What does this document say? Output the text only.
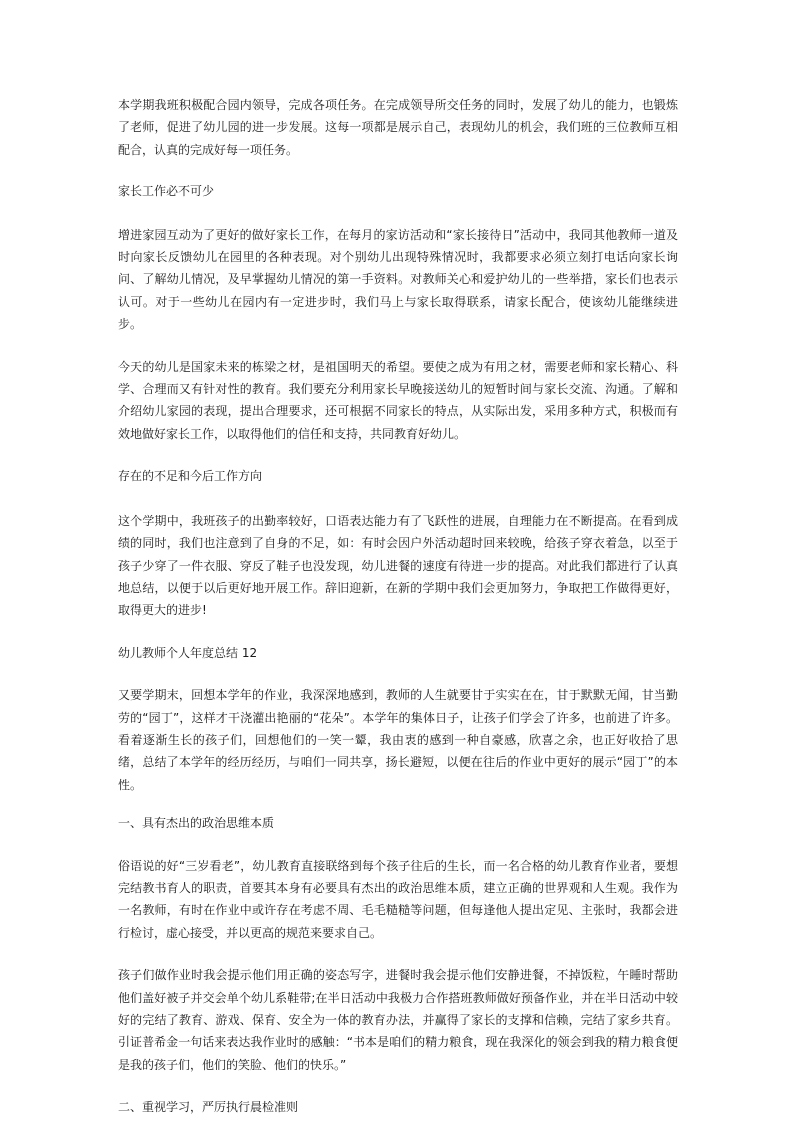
本学期我班积极配合园内领导，完成各项任务。在完成领导所交任务的同时，发展了幼儿的能力，也锻炼了老师，促进了幼儿园的进一步发展。这每一项都是展示自己，表现幼儿的机会，我们班的三位教师互相配合，认真的完成好每一项任务。

家长工作必不可少

增进家园互动为了更好的做好家长工作，在每月的家访活动和“家长接待日”活动中，我同其他教师一道及时向家长反馈幼儿在园里的各种表现。对个别幼儿出现特殊情况时，我都要求必须立刻打电话向家长询问、了解幼儿情况，及早掌握幼儿情况的第一手资料。对教师关心和爱护幼儿的一些举措，家长们也表示认可。对于一些幼儿在园内有一定进步时，我们马上与家长取得联系，请家长配合，使该幼儿能继续进步。

今天的幼儿是国家未来的栋梁之材，是祖国明天的希望。要使之成为有用之材，需要老师和家长精心、科学、合理而又有针对性的教育。我们要充分利用家长早晚接送幼儿的短暂时间与家长交流、沟通。了解和介绍幼儿家园的表现，提出合理要求，还可根据不同家长的特点，从实际出发，采用多种方式，积极而有效地做好家长工作，以取得他们的信任和支持，共同教育好幼儿。

存在的不足和今后工作方向

这个学期中，我班孩子的出勤率较好，口语表达能力有了飞跃性的进展，自理能力在不断提高。在看到成绩的同时，我们也注意到了自身的不足，如：有时会因户外活动超时回来较晚，给孩子穿衣着急，以至于孩子少穿了一件衣服、穿反了鞋子也没发现，幼儿进餐的速度有待进一步的提高。对此我们都进行了认真地总结，以便于以后更好地开展工作。辞旧迎新，在新的学期中我们会更加努力，争取把工作做得更好，取得更大的进步!

幼儿教师个人年度总结 12

又要学期末，回想本学年的作业，我深深地感到，教师的人生就要甘于实实在在，甘于默默无闻，甘当勤劳的“园丁”，这样才干浇灌出艳丽的“花朵”。本学年的集体日子，让孩子们学会了许多，也前进了许多。看着逐渐生长的孩子们，回想他们的一笑一颦，我由衷的感到一种自豪感，欣喜之余，也正好收拾了思绪，总结了本学年的经历经历，与咱们一同共享，扬长避短，以便在往后的作业中更好的展示“园丁”的本性。

一、具有杰出的政治思维本质

俗语说的好“三岁看老”，幼儿教育直接联络到每个孩子往后的生长，而一名合格的幼儿教育作业者，要想完结教书育人的职责，首要其本身有必要具有杰出的政治思维本质，建立正确的世界观和人生观。我作为一名教师，有时在作业中或许存在考虑不周、毛毛糙糙等问题，但每逢他人提出定见、主张时，我都会进行检讨，虚心接受，并以更高的规范来要求自己。

孩子们做作业时我会提示他们用正确的姿态写字，进餐时我会提示他们安静进餐，不掉饭粒，午睡时帮助他们盖好被子并交会单个幼儿系鞋带;在半日活动中我极力合作搭班教师做好预备作业，并在半日活动中较好的完结了教育、游戏、保育、安全为一体的教育办法，并赢得了家长的支撑和信赖，完结了家乡共育。引证普希金一句话来表达我作业时的感触：“书本是咱们的精力粮食，现在我深化的领会到我的精力粮食便是我的孩子们，他们的笑脸、他们的快乐。”

二、重视学习，严厉执行晨检准则
